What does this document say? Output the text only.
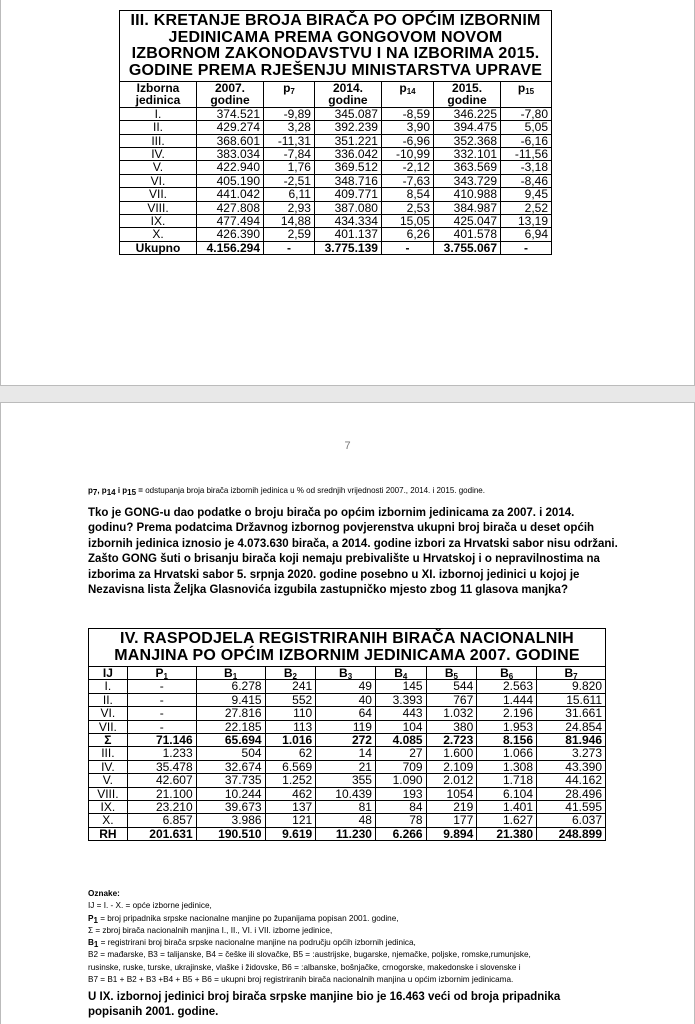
III. KRETANJE BROJA BIRAČA PO OPĆIM IZBORNIM JEDINICAMA PREMA GONGOVOM NOVOM IZBORNOM ZAKONODAVSTVU I NA IZBORIMA 2015. GODINE PREMA RJEŠENJU MINISTARSTVA UPRAVE						
Izborna jedinica	2007. godine	$p_7$	2014. godine	$p_{14}$	2015. godine	$p_{15}$
I.	374.521	-9,89	345.087	-8,59	346.225	-7,80
II.	429.274	3,28	392.239	3,90	394.475	5,05
III.	368.601	-11,31	351.221	-6,96	352.368	-6,16
IV.	383.034	-7,84	336.042	-10,99	332.101	-11,56
V.	422.940	1,76	369.512	-2,12	363.569	-3,18
VI.	405.190	-2,51	348.716	-7,63	343.729	-8,46
VII.	441.042	6,11	409.771	8,54	410.988	9,45
VIII.	427.808	2,93	387.080	2,53	384.987	2,52
IX.	477.494	14,88	434.334	15,05	425.047	13,19
X.	426.390	2,59	401.137	6,26	401.578	6,94
Ukupno	4.156.294	-	3.775.139	-	3.755.067	-
7
$p_7$, $p_{14}$ i $p_{15}$ = odstupanja broja birača izbornih jedinica u % od srednjih vrijednosti 2007., 2014. i 2015. godine.
Tko je GONG-u dao podatke o broju birača po općim izbornim jedinicama za 2007. i 2014. godinu? Prema podatcima Državnog izbornog povjerenstva ukupni broj birača u deset općih izbornih jedinica iznosio je 4.073.630 birača, a 2014. godine izbori za Hrvatski sabor nisu održani. Zašto GONG šuti o brisanju birača koji nemaju prebivalište u Hrvatskoj i o nepravilnostima na izborima za Hrvatski sabor 5. srpnja 2020. godine posebno u XI. izbornoj jedinici u kojoj je Nezavisna lista Željka Glasnovića izgubila zastupničko mjesto zbog 11 glasova manjka?
IV. RASPODJELA REGISTRIRANIH BIRAČA NACIONALNIH MANJINA PO OPĆIM IZBORNIM JEDINICAMA 2007. GODINE								
IJ	$P_1$	$B_1$	$B_2$	$B_3$	$B_4$	$B_5$	$B_6$	$B_7$
I.	-	6.278	241	49	145	544	2.563	9.820
II.	-	9.415	552	40	3.393	767	1.444	15.611
VI.	-	27.816	110	64	443	1.032	2.196	31.661
VII.	-	22.185	113	119	104	380	1.953	24.854
Σ	71.146	65.694	1.016	272	4.085	2.723	8.156	81.946
III.	1.233	504	62	14	27	1.600	1.066	3.273
IV.	35.478	32.674	6.569	21	709	2.109	1.308	43.390
V.	42.607	37.735	1.252	355	1.090	2.012	1.718	44.162
VIII.	21.100	10.244	462	10.439	193	1054	6.104	28.496
IX.	23.210	39.673	137	81	84	219	1.401	41.595
X.	6.857	3.986	121	48	78	177	1.627	6.037
RH	201.631	190.510	9.619	11.230	6.266	9.894	21.380	248.899
Oznake:
IJ = I. - X. = opće izborne jedinice,
$P_1$ = broj pripadnika srpske nacionalne manjine po županijama popisan 2001. godine,
Σ = zbroj birača nacionalnih manjina I., II., VI. i VII. izborne jedinice,
$B_1$ = registrirani broj birača srpske nacionalne manjine na području općih izbornih jedinica,
B2 = mađarske, B3 = talijanske, B4 = češke ili slovačke, B5 = :austrijske, bugarske, njemačke, poljske, romske,rumunjske,
rusinske, ruske, turske, ukrajinske, vlaške i židovske, B6 = :albanske, bošnjačke, crnogorske, makedonske i slovenske i
B7 = B1 + B2 + B3 +B4 + B5 + B6 = ukupni broj registriranih birača nacionalnih manjina u općim izbornim jedinicama.
U IX. izbornoj jedinici broj birača srpske manjine bio je 16.463 veći od broja pripadnika popisanih 2001. godine.
